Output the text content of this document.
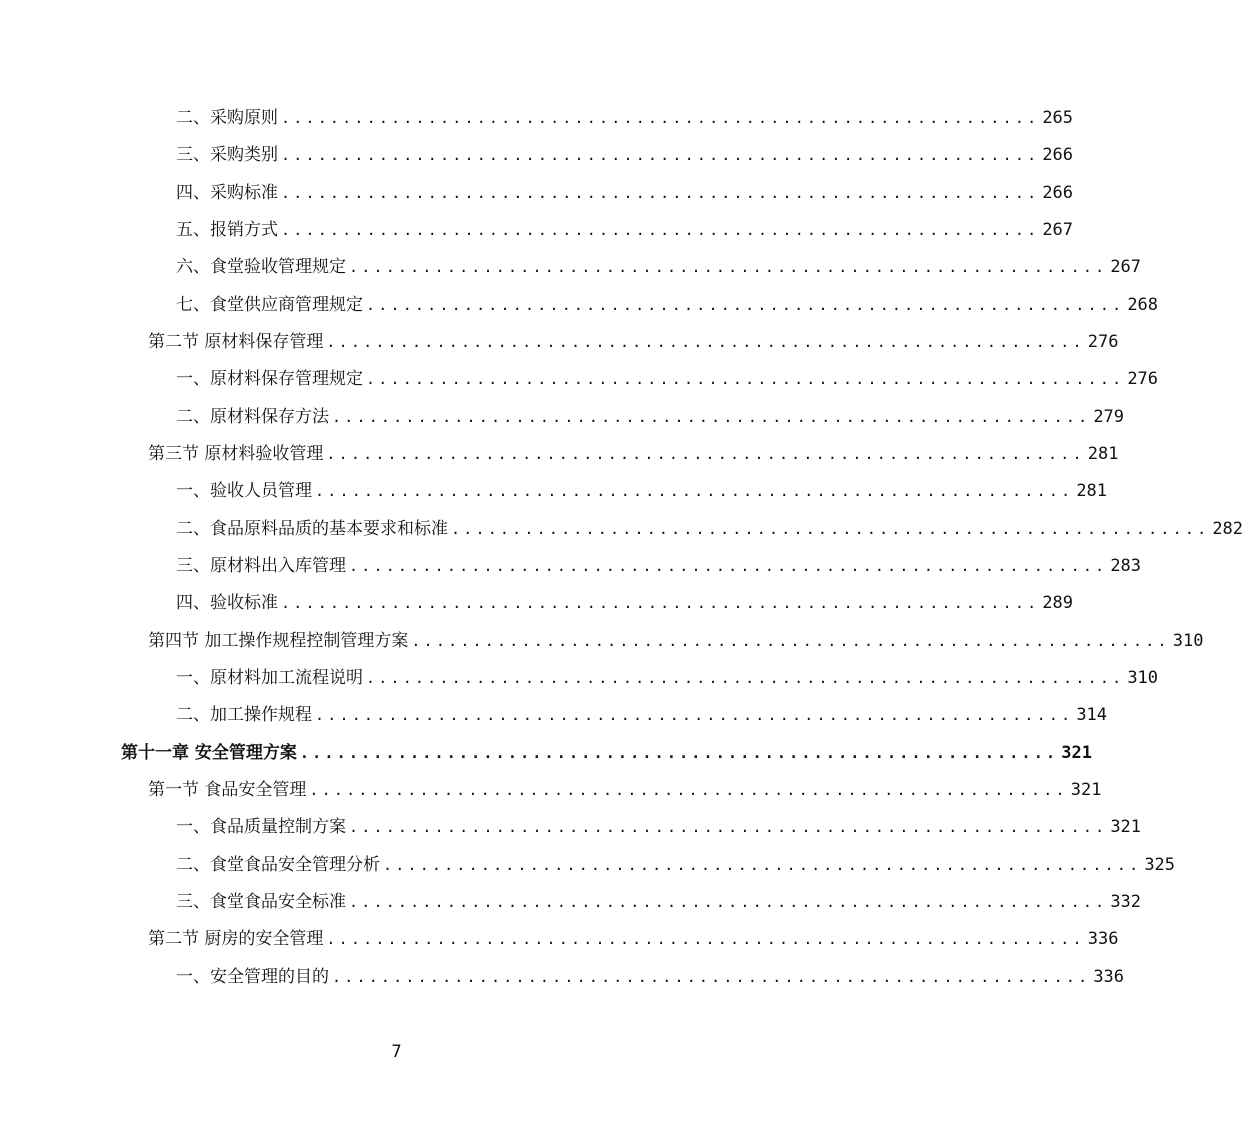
二、采购原则 .............................................................. 265
三、采购类别 .............................................................. 266
四、采购标准 .............................................................. 266
五、报销方式 .............................................................. 267
六、食堂验收管理规定 .............................................................. 267
七、食堂供应商管理规定 .............................................................. 268
第二节 原材料保存管理 .............................................................. 276
一、原材料保存管理规定 .............................................................. 276
二、原材料保存方法 .............................................................. 279
第三节 原材料验收管理 .............................................................. 281
一、验收人员管理 .............................................................. 281
二、食品原料品质的基本要求和标准 .............................................................. 282
三、原材料出入库管理 .............................................................. 283
四、验收标准 .............................................................. 289
第四节 加工操作规程控制管理方案 .............................................................. 310
一、原材料加工流程说明 .............................................................. 310
二、加工操作规程 .............................................................. 314
第十一章 安全管理方案 .............................................................. 321
第一节 食品安全管理 .............................................................. 321
一、食品质量控制方案 .............................................................. 321
二、食堂食品安全管理分析 .............................................................. 325
三、食堂食品安全标准 .............................................................. 332
第二节 厨房的安全管理 .............................................................. 336
一、安全管理的目的 .............................................................. 336
7
